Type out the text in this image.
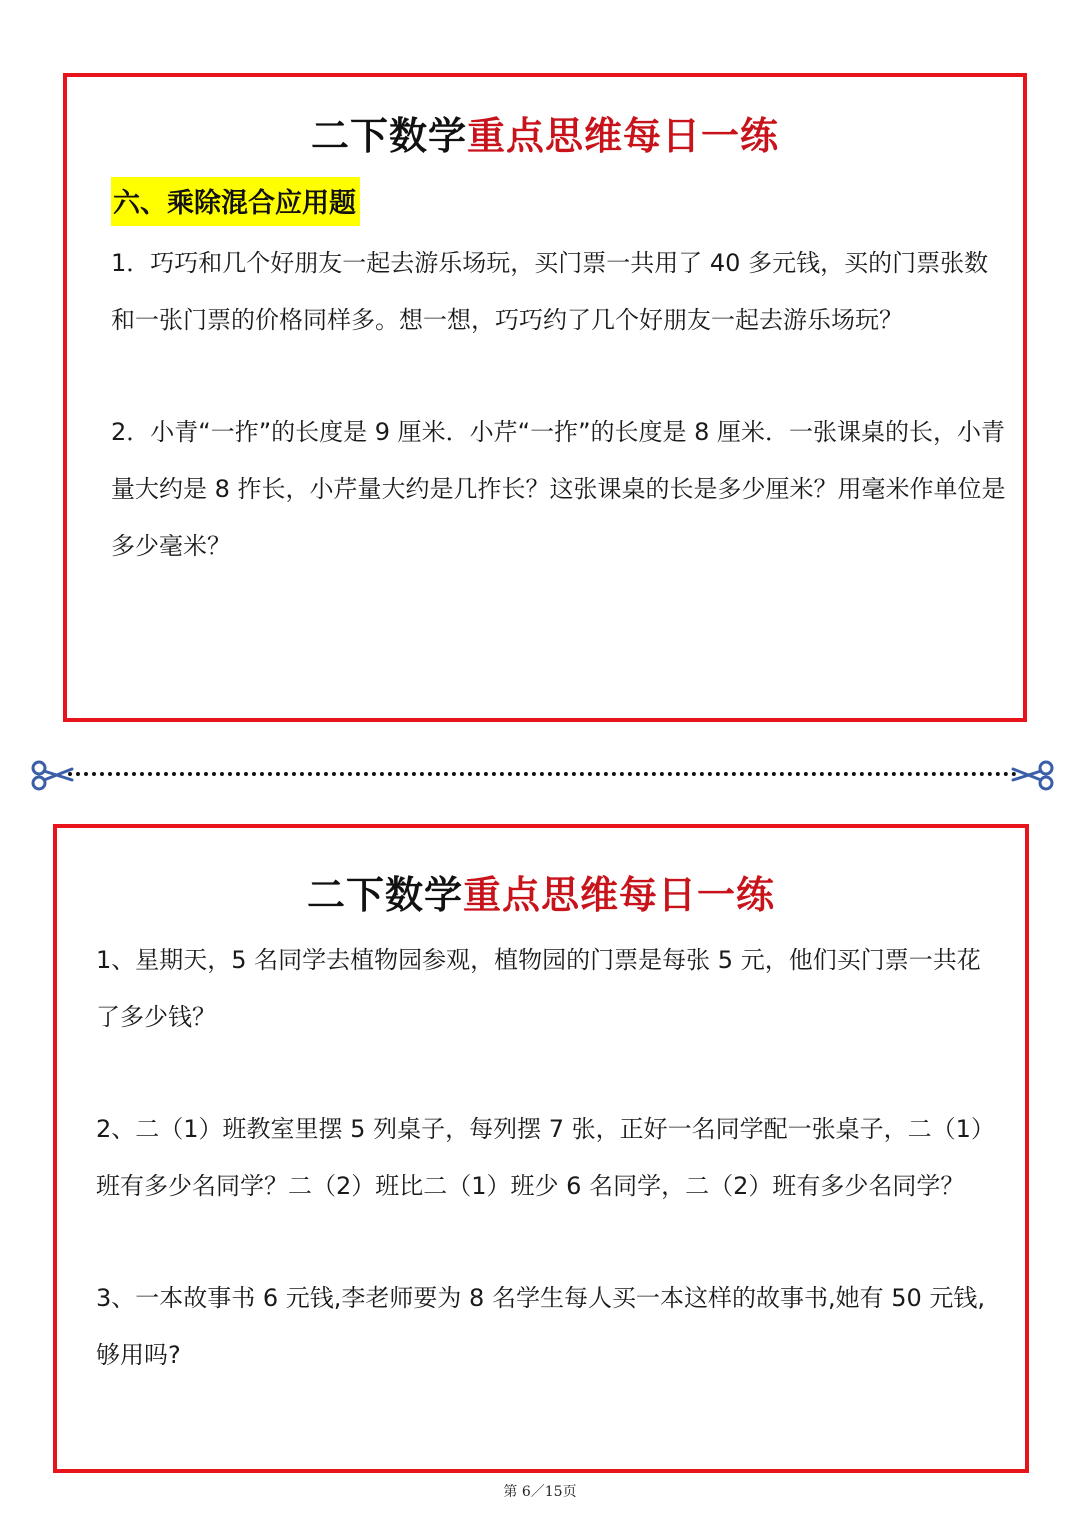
二下数学重点思维每日一练
六、乘除混合应用题

1．巧巧和几个好朋友一起去游乐场玩，买门票一共用了 40 多元钱，买的门票张数和一张门票的价格同样多。想一想，巧巧约了几个好朋友一起去游乐场玩？

2．小青“一拃”的长度是 9 厘米．小芹“一拃”的长度是 8 厘米．一张课桌的长，小青量大约是 8 拃长，小芹量大约是几拃长？这张课桌的长是多少厘米？用毫米作单位是多少毫米？

二下数学重点思维每日一练

1、星期天，5 名同学去植物园参观，植物园的门票是每张 5 元，他们买门票一共花了多少钱？

2、二（1）班教室里摆 5 列桌子，每列摆 7 张，正好一名同学配一张桌子，二（1）班有多少名同学？二（2）班比二（1）班少 6 名同学，二（2）班有多少名同学？

3、一本故事书 6 元钱,李老师要为 8 名学生每人买一本这样的故事书,她有 50 元钱,够用吗?

第 6／15页
